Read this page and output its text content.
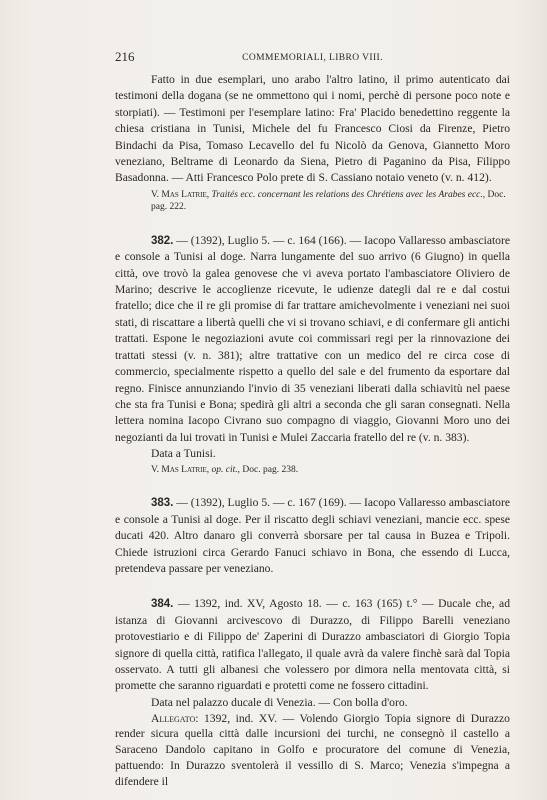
216	COMMEMORIALI, LIBRO VIII.

Fatto in due esemplari, uno arabo l'altro latino, il primo autenticato dai testimoni della dogana (se ne ommettono qui i nomi, perchè di persone poco note e storpiati). — Testimoni per l'esemplare latino: Fra' Placido benedettino reggente la chiesa cristiana in Tunisi, Michele del fu Francesco Ciosi da Firenze, Pietro Bindachi da Pisa, Tomaso Lecavello del fu Nicolò da Genova, Giannetto Moro veneziano, Beltrame di Leonardo da Siena, Pietro di Paganino da Pisa, Filippo Basadonna. — Atti Francesco Polo prete di S. Cassiano notaio veneto (v. n. 412).

V. Mas Latrie, Traités ecc. concernant les relations des Chrétiens avec les Arabes ecc., Doc.
pag. 222.

382. — (1392), Luglio 5. — c. 164 (166). — Iacopo Vallaresso ambasciatore e console a Tunisi al doge. Narra lungamente del suo arrivo (6 Giugno) in quella città, ove trovò la galea genovese che vi aveva portato l'ambasciatore Oliviero de Marino; descrive le accoglienze ricevute, le udienze dategli dal re e dal costui fratello; dice che il re gli promise di far trattare amichevolmente i veneziani nei suoi stati, di riscattare a libertà quelli che vi si trovano schiavi, e di confermare gli antichi trattati. Espone le negoziazioni avute coi commissari regi per la rinnovazione dei trattati stessi (v. n. 381); altre trattative con un medico del re circa cose di commercio, specialmente rispetto a quello del sale e del frumento da esportare dal regno. Finisce annunziando l'invio di 35 veneziani liberati dalla schiavitù nel paese che sta fra Tunisi e Bona; spedirà gli altri a seconda che gli saran consegnati. Nella lettera nomina Iacopo Civrano suo compagno di viaggio, Giovanni Moro uno dei negozianti da lui trovati in Tunisi e Mulei Zaccaria fratello del re (v. n. 383).

Data a Tunisi.

V. Mas Latrie, op. cit., Doc. pag. 238.

383. — (1392), Luglio 5. — c. 167 (169). — Iacopo Vallaresso ambasciatore e console a Tunisi al doge. Per il riscatto degli schiavi veneziani, mancie ecc. spese ducati 420. Altro danaro gli converrà sborsare per tal causa in Buzea e Tripoli. Chiede istruzioni circa Gerardo Fanuci schiavo in Bona, che essendo di Lucca, pretendeva passare per veneziano.

384. — 1392, ind. XV, Agosto 18. — c. 163 (165) t.° — Ducale che, ad istanza di Giovanni arcivescovo di Durazzo, di Filippo Barelli veneziano protovestiario e di Filippo de' Zaperini di Durazzo ambasciatori di Giorgio Topia signore di quella città, ratifica l'allegato, il quale avrà da valere finchè sarà dal Topia osservato. A tutti gli albanesi che volessero por dimora nella mentovata città, si promette che saranno riguardati e protetti come ne fossero cittadini.

Data nel palazzo ducale di Venezia. — Con bolla d'oro.

Allegato: 1392, ind. XV. — Volendo Giorgio Topia signore di Durazzo render sicura quella città dalle incursioni dei turchi, ne consegnò il castello a Saraceno Dandolo capitano in Golfo e procuratore del comune di Venezia, pattuendo: In Durazzo sventolerà il vessillo di S. Marco; Venezia s'impegna a difendere il
